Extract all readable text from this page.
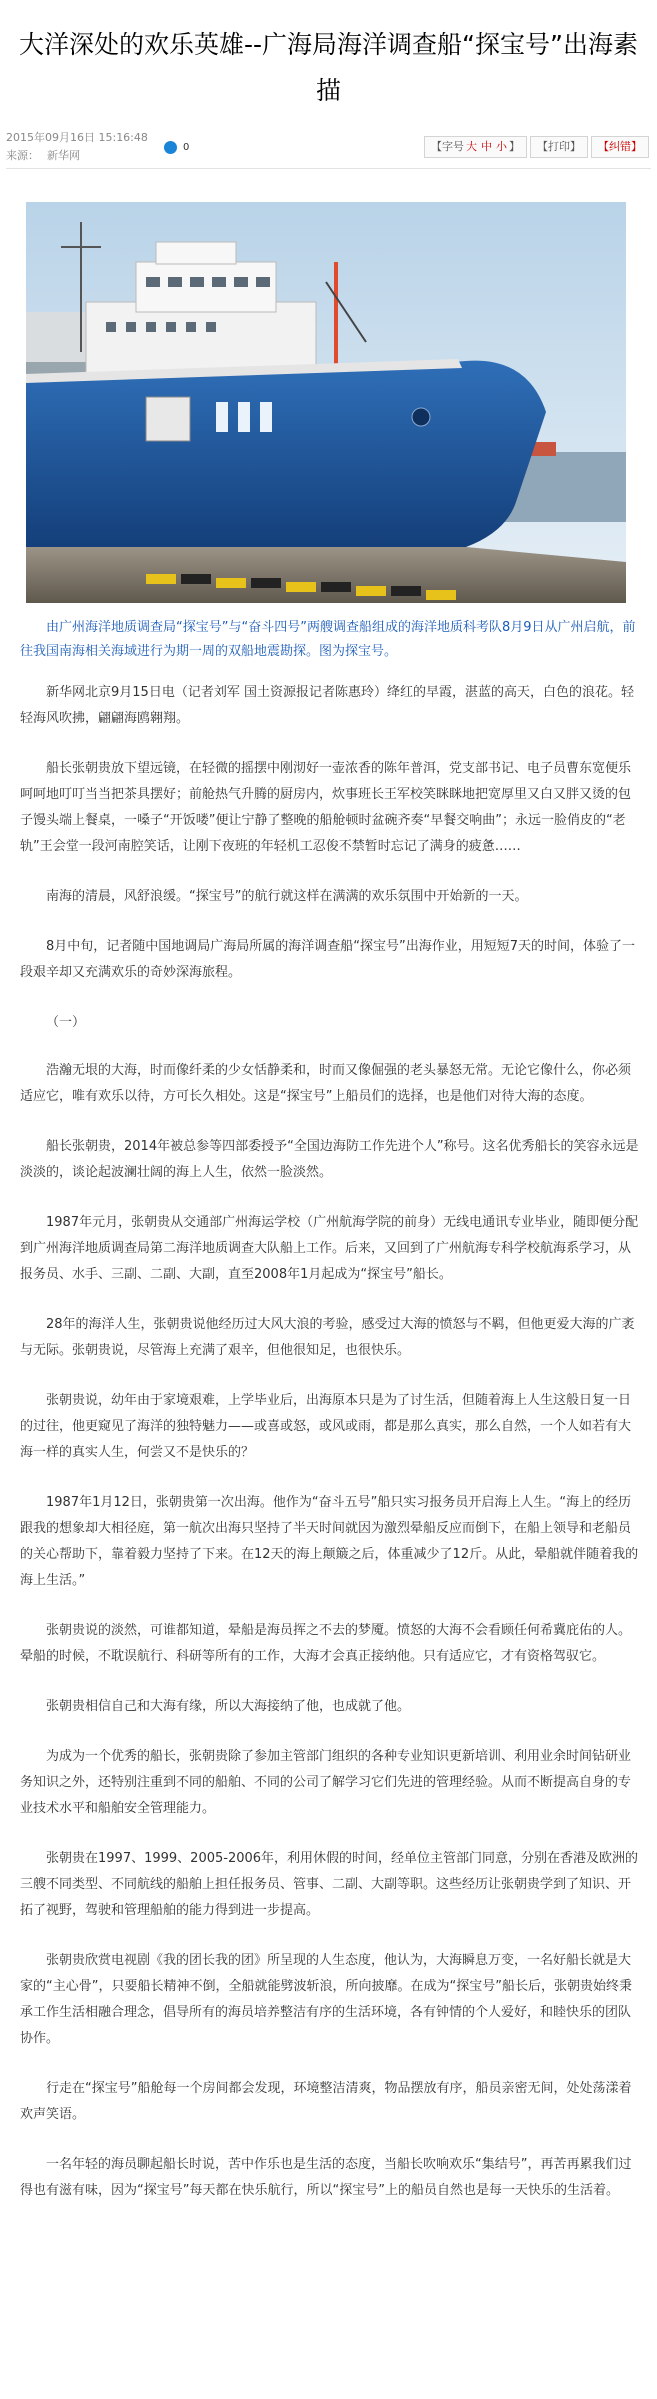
大洋深处的欢乐英雄--广海局海洋调查船“探宝号”出海素描
2015年09月16日 15:16:48
来源： 新华网
0	【字号 大 中 小 】	【打印】	【纠错】

由广州海洋地质调查局“探宝号”与“奋斗四号”两艘调查船组成的海洋地质科考队8月9日从广州启航，前往我国南海相关海域进行为期一周的双船地震勘探。图为探宝号。

新华网北京9月15日电（记者刘军 国土资源报记者陈惠玲）绛红的早霞，湛蓝的高天，白色的浪花。轻轻海风吹拂，翩翩海鸥翱翔。

船长张朝贵放下望远镜，在轻微的摇摆中刚沏好一壶浓香的陈年普洱，党支部书记、电子员曹东宽便乐呵呵地叮叮当当把茶具摆好；前舱热气升腾的厨房内，炊事班长王军校笑眯眯地把宽厚里又白又胖又烫的包子馒头端上餐桌，一嗓子“开饭喽”便让宁静了整晚的船舱顿时盆碗齐奏“早餐交响曲”；永远一脸俏皮的“老轨”王会堂一段河南腔笑话，让刚下夜班的年轻机工忍俊不禁暂时忘记了满身的疲惫……

南海的清晨，风舒浪缓。“探宝号”的航行就这样在满满的欢乐氛围中开始新的一天。

8月中旬，记者随中国地调局广海局所属的海洋调查船“探宝号”出海作业，用短短7天的时间，体验了一段艰辛却又充满欢乐的奇妙深海旅程。

（一）

浩瀚无垠的大海，时而像纤柔的少女恬静柔和，时而又像倔强的老头暴怒无常。无论它像什么，你必须适应它，唯有欢乐以待，方可长久相处。这是“探宝号”上船员们的选择，也是他们对待大海的态度。

船长张朝贵，2014年被总参等四部委授予“全国边海防工作先进个人”称号。这名优秀船长的笑容永远是淡淡的，谈论起波澜壮阔的海上人生，依然一脸淡然。

1987年元月，张朝贵从交通部广州海运学校（广州航海学院的前身）无线电通讯专业毕业，随即便分配到广州海洋地质调查局第二海洋地质调查大队船上工作。后来，又回到了广州航海专科学校航海系学习，从报务员、水手、三副、二副、大副，直至2008年1月起成为“探宝号”船长。

28年的海洋人生，张朝贵说他经历过大风大浪的考验，感受过大海的愤怒与不羁，但他更爱大海的广袤与无际。张朝贵说，尽管海上充满了艰辛，但他很知足，也很快乐。

张朝贵说，幼年由于家境艰难，上学毕业后，出海原本只是为了讨生活，但随着海上人生这般日复一日的过往，他更窥见了海洋的独特魅力——或喜或怒，或风或雨，都是那么真实，那么自然，一个人如若有大海一样的真实人生，何尝又不是快乐的？

1987年1月12日，张朝贵第一次出海。他作为“奋斗五号”船只实习报务员开启海上人生。“海上的经历跟我的想象却大相径庭，第一航次出海只坚持了半天时间就因为激烈晕船反应而倒下，在船上领导和老船员的关心帮助下，靠着毅力坚持了下来。在12天的海上颠簸之后，体重减少了12斤。从此，晕船就伴随着我的海上生活。”

张朝贵说的淡然，可谁都知道，晕船是海员挥之不去的梦魇。愤怒的大海不会看顾任何希冀庇佑的人。晕船的时候，不耽误航行、科研等所有的工作，大海才会真正接纳他。只有适应它，才有资格驾驭它。

张朝贵相信自己和大海有缘，所以大海接纳了他，也成就了他。

为成为一个优秀的船长，张朝贵除了参加主管部门组织的各种专业知识更新培训、利用业余时间钻研业务知识之外，还特别注重到不同的船舶、不同的公司了解学习它们先进的管理经验。从而不断提高自身的专业技术水平和船舶安全管理能力。

张朝贵在1997、1999、2005-2006年，利用休假的时间，经单位主管部门同意，分别在香港及欧洲的三艘不同类型、不同航线的船舶上担任报务员、管事、二副、大副等职。这些经历让张朝贵学到了知识、开拓了视野，驾驶和管理船舶的能力得到进一步提高。

张朝贵欣赏电视剧《我的团长我的团》所呈现的人生态度，他认为，大海瞬息万变，一名好船长就是大家的“主心骨”，只要船长精神不倒，全船就能劈波斩浪，所向披靡。在成为“探宝号”船长后，张朝贵始终秉承工作生活相融合理念，倡导所有的海员培养整洁有序的生活环境，各有钟情的个人爱好，和睦快乐的团队协作。

行走在“探宝号”船舱每一个房间都会发现，环境整洁清爽，物品摆放有序，船员亲密无间，处处荡漾着欢声笑语。

一名年轻的海员聊起船长时说，苦中作乐也是生活的态度，当船长吹响欢乐“集结号”，再苦再累我们过得也有滋有味，因为“探宝号”每天都在快乐航行，所以“探宝号”上的船员自然也是每一天快乐的生活着。
